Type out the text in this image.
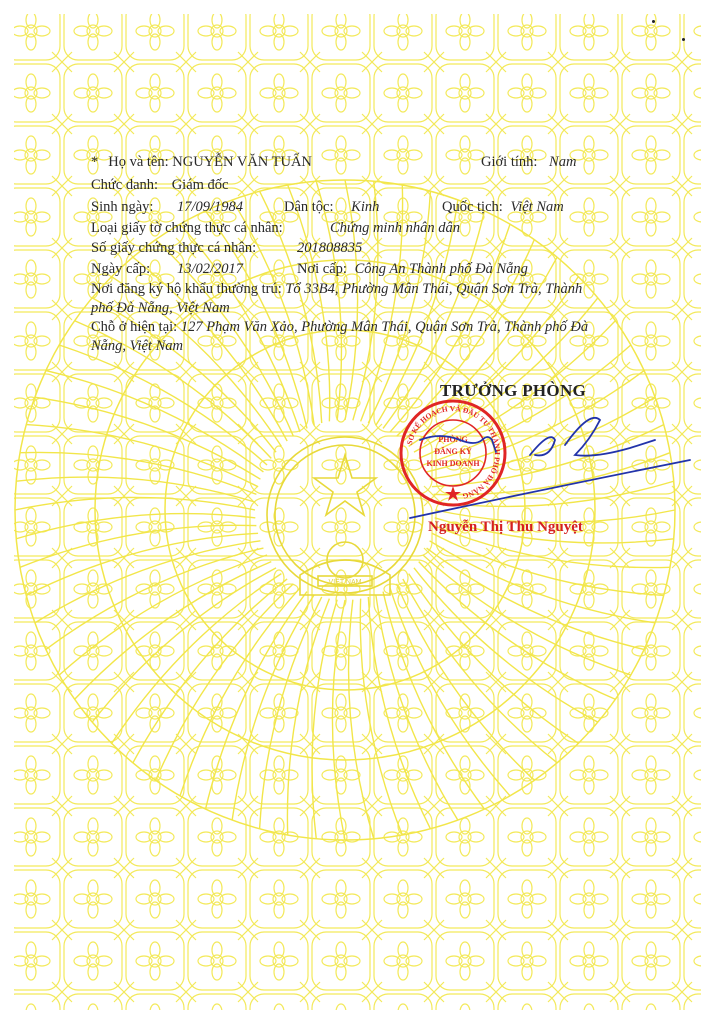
VIỆT NAM
* Họ và tên: NGUYỄN VĂN TUẤN	Giới tính: Nam
Chức danh: Giám đốc
Sinh ngày: 17/09/1984	Dân tộc: Kinh	Quốc tịch: Việt Nam
Loại giấy tờ chứng thực cá nhân:	Chứng minh nhân dân
Số giấy chứng thực cá nhân:	201808835
Ngày cấp: 13/02/2017	Nơi cấp: Công An Thành phố Đà Nẵng
Nơi đăng ký hộ khẩu thường trú: Tổ 33B4, Phường Mân Thái, Quận Sơn Trà, Thành
phố Đà Nẵng, Việt Nam
Chỗ ở hiện tại: 127 Phạm Văn Xảo, Phường Mân Thái, Quận Sơn Trà, Thành phố Đà
Nẵng, Việt Nam
TRƯỞNG PHÒNG
SỞ KẾ HOẠCH VÀ ĐẦU TƯ THÀNH PHỐ ĐÀ NẴNG
PHÒNG
ĐĂNG KÝ
KINH DOANH
Nguyễn Thị Thu Nguyệt
